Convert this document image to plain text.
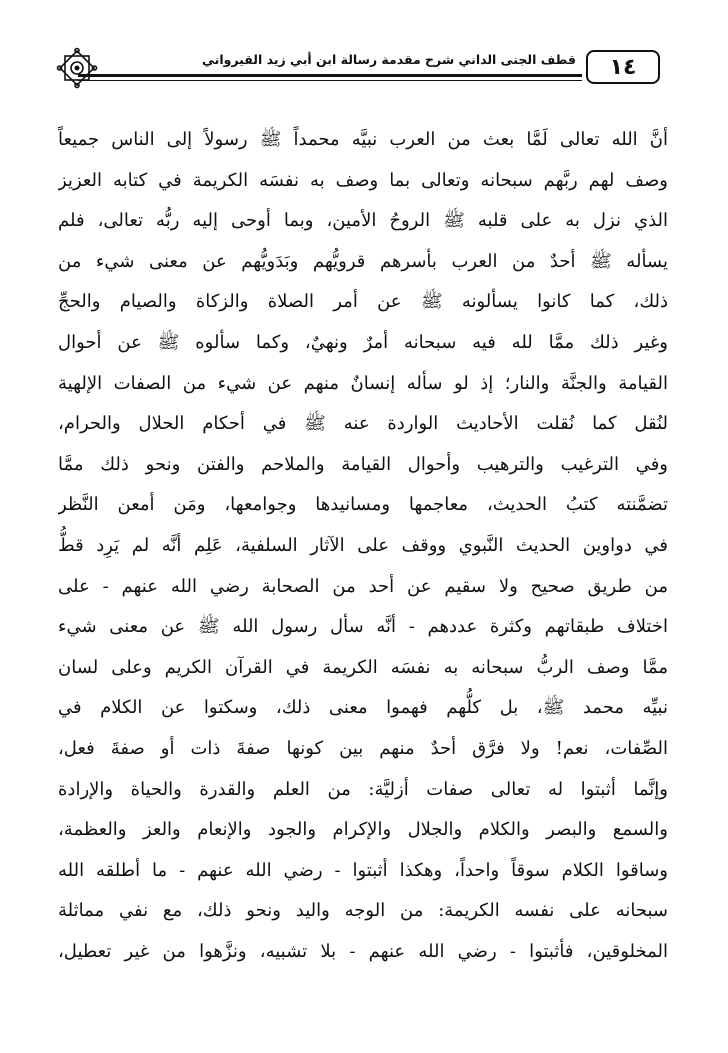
قطف الجنى الداني شرح مقدمة رسالة ابن أبي زيد القيرواني	١٤
أنَّ الله تعالى لَمَّا بعث من العرب نبيَّه محمداً ﷺ رسولاً إلى الناس جميعاً
وصف لهم ربَّهم سبحانه وتعالى بما وصف به نفسَه الكريمة في كتابه العزيز
الذي نزل به على قلبه ﷺ الروحُ الأمين، وبما أوحى إليه ربُّه تعالى، فلم
يسأله ﷺ أحدٌ من العرب بأسرهم قرويُّهم وبَدَويُّهم عن معنى شيء من
ذلك، كما كانوا يسألونه ﷺ عن أمر الصلاة والزكاة والصيام والحجِّ
وغير ذلك ممَّا لله فيه سبحانه أمرٌ ونهيٌ، وكما سألوه ﷺ عن أحوال
القيامة والجنَّة والنار؛ إذ لو سأله إنسانٌ منهم عن شيء من الصفات الإلهية
لنُقل كما نُقلت الأحاديث الواردة عنه ﷺ في أحكام الحلال والحرام،
وفي الترغيب والترهيب وأحوال القيامة والملاحم والفتن ونحو ذلك ممَّا
تضمَّنته كتبُ الحديث، معاجمها ومسانيدها وجوامعها، ومَن أمعن النَّظر
في دواوين الحديث النَّبوي ووقف على الآثار السلفية، عَلِم أنَّه لم يَرِد قطُّ
من طريق صحيح ولا سقيم عن أحد من الصحابة رضي الله عنهم - على
اختلاف طبقاتهم وكثرة عددهم - أنَّه سأل رسول الله ﷺ عن معنى شيء
ممَّا وصف الربُّ سبحانه به نفسَه الكريمة في القرآن الكريم وعلى لسان
نبيِّه محمد ﷺ، بل كلُّهم فهموا معنى ذلك، وسكتوا عن الكلام في
الصِّفات، نعم! ولا فرَّق أحدٌ منهم بين كونها صفةَ ذات أو صفةَ فعل،
وإنَّما أثبتوا له تعالى صفات أزليَّة: من العلم والقدرة والحياة والإرادة
والسمع والبصر والكلام والجلال والإكرام والجود والإنعام والعز والعظمة،
وساقوا الكلام سوقاً واحداً، وهكذا أثبتوا - رضي الله عنهم - ما أطلقه الله
سبحانه على نفسه الكريمة: من الوجه واليد ونحو ذلك، مع نفي مماثلة
المخلوقين، فأثبتوا - رضي الله عنهم - بلا تشبيه، ونزَّهوا من غير تعطيل،
